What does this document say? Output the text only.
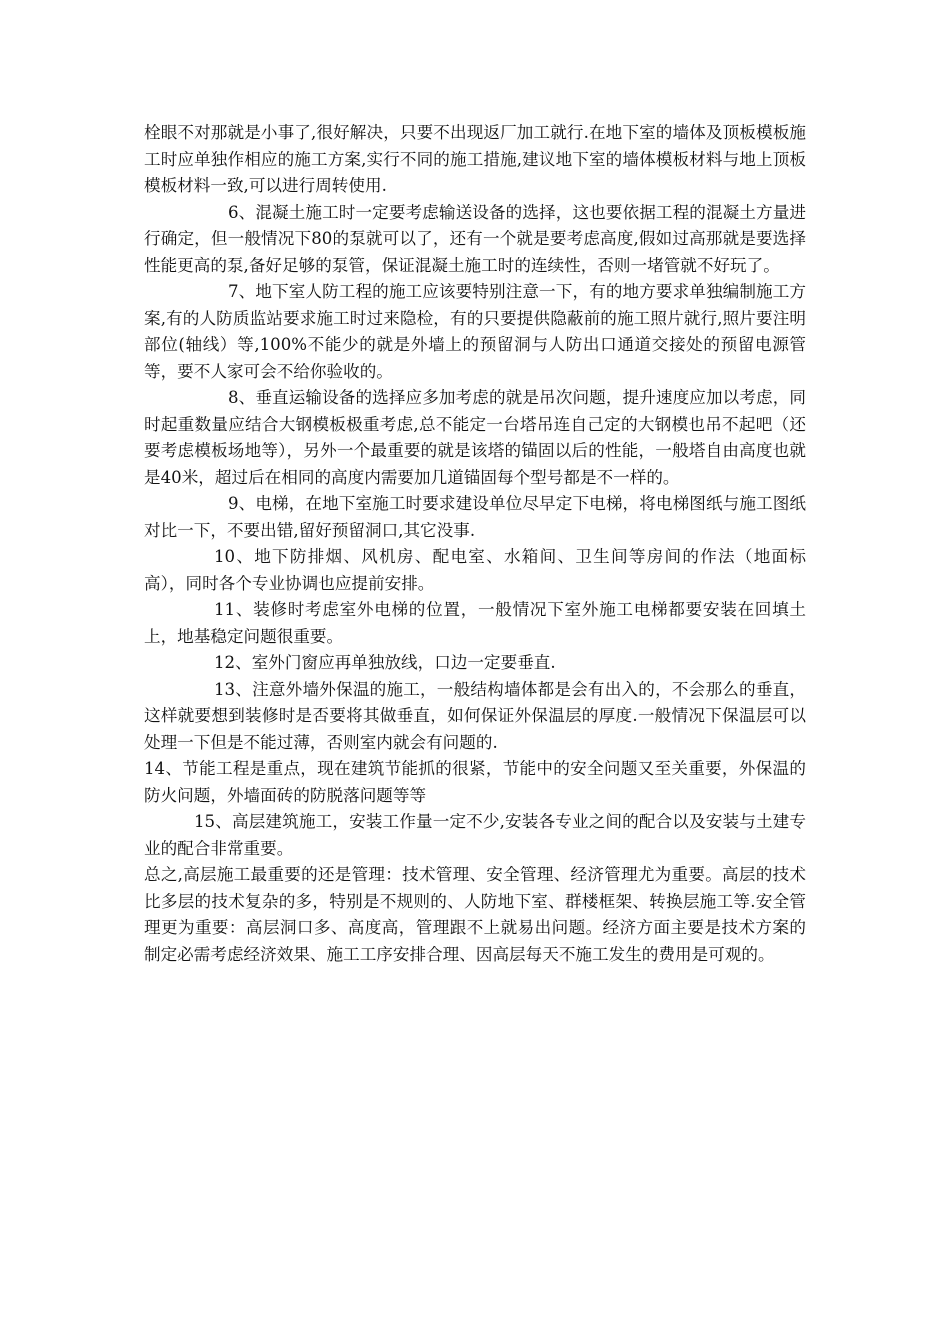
栓眼不对那就是小事了,很好解决，只要不出现返厂加工就行.在地下室的墙体及顶板模板施工时应单独作相应的施工方案,实行不同的施工措施,建议地下室的墙体模板材料与地上顶板模板材料一致,可以进行周转使用.

6、混凝土施工时一定要考虑输送设备的选择，这也要依据工程的混凝土方量进行确定，但一般情况下80的泵就可以了，还有一个就是要考虑高度,假如过高那就是要选择性能更高的泵,备好足够的泵管，保证混凝土施工时的连续性，否则一堵管就不好玩了。

7、地下室人防工程的施工应该要特别注意一下，有的地方要求单独编制施工方案,有的人防质监站要求施工时过来隐检，有的只要提供隐蔽前的施工照片就行,照片要注明部位(轴线）等,100%不能少的就是外墙上的预留洞与人防出口通道交接处的预留电源管等，要不人家可会不给你验收的。

8、垂直运输设备的选择应多加考虑的就是吊次问题，提升速度应加以考虑，同时起重数量应结合大钢模板极重考虑,总不能定一台塔吊连自己定的大钢模也吊不起吧（还要考虑模板场地等），另外一个最重要的就是该塔的锚固以后的性能，一般塔自由高度也就是40米，超过后在相同的高度内需要加几道锚固每个型号都是不一样的。

9、电梯，在地下室施工时要求建设单位尽早定下电梯，将电梯图纸与施工图纸对比一下，不要出错,留好预留洞口,其它没事.

10、地下防排烟、风机房、配电室、水箱间、卫生间等房间的作法（地面标高），同时各个专业协调也应提前安排。

11、装修时考虑室外电梯的位置，一般情况下室外施工电梯都要安装在回填土上，地基稳定问题很重要。

12、室外门窗应再单独放线，口边一定要垂直.

13、注意外墙外保温的施工，一般结构墙体都是会有出入的，不会那么的垂直，这样就要想到装修时是否要将其做垂直，如何保证外保温层的厚度.一般情况下保温层可以处理一下但是不能过薄，否则室内就会有问题的.

14、节能工程是重点，现在建筑节能抓的很紧，节能中的安全问题又至关重要，外保温的防火问题，外墙面砖的防脱落问题等等

15、高层建筑施工，安装工作量一定不少,安装各专业之间的配合以及安装与土建专业的配合非常重要。

总之,高层施工最重要的还是管理：技术管理、安全管理、经济管理尤为重要。高层的技术比多层的技术复杂的多，特别是不规则的、人防地下室、群楼框架、转换层施工等.安全管理更为重要：高层洞口多、高度高，管理跟不上就易出问题。经济方面主要是技术方案的制定必需考虑经济效果、施工工序安排合理、因高层每天不施工发生的费用是可观的。
